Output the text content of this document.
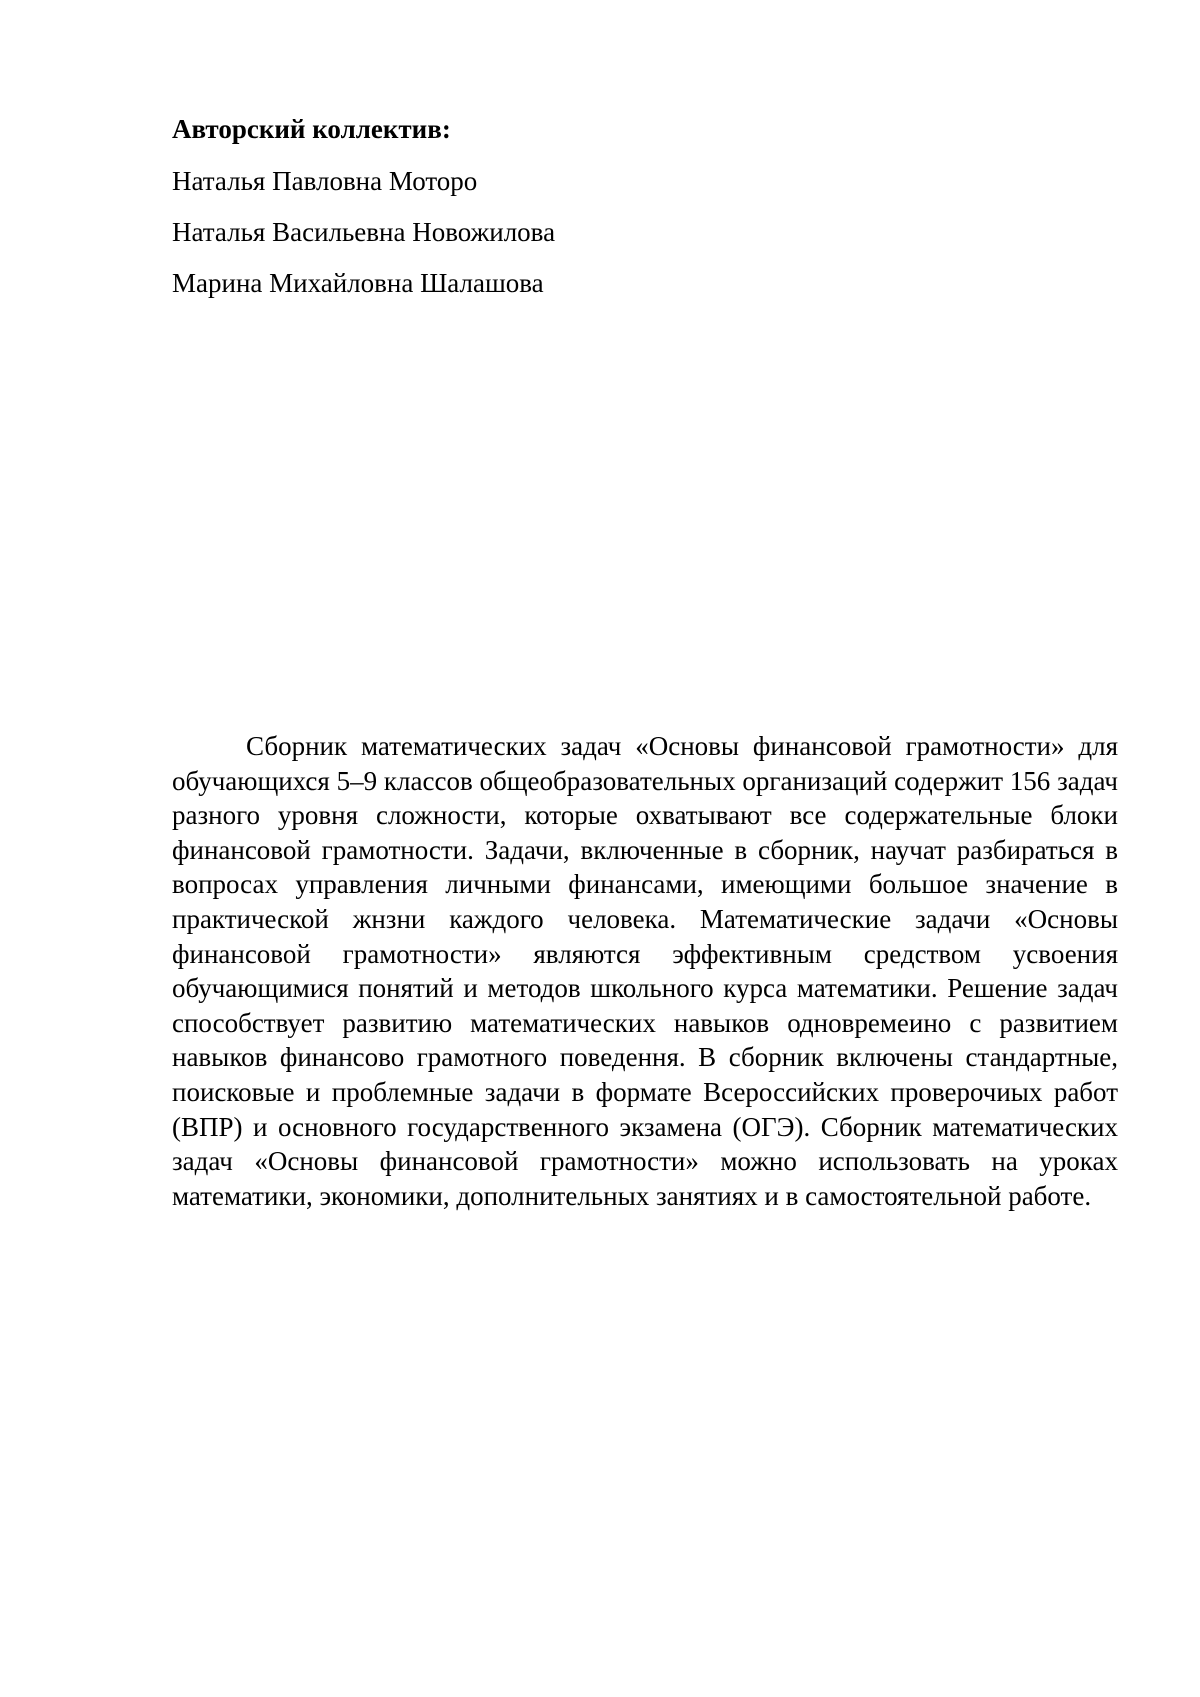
Авторский коллектив:

Наталья Павловна Моторо

Наталья Васильевна Новожилова

Марина Михайловна Шалашова

Сборник математических задач «Основы финансовой грамотности» для обучающихся 5–9 классов общеобразовательных организаций содержит 156 задач разного уровня сложности, которые охватывают все содержательные блоки финансовой грамотности. Задачи, включенные в сборник, научат разбираться в вопросах управления личными финансами, имеющими большое значение в практической жнзни каждого человека. Математические задачи «Основы финансовой грамотности» являются эффективным средством усвоения обучающимися понятий и методов школьного курса математики. Решение задач способствует развитию математических навыков одновремеино с развитием навыков финансово грамотного поведення. В сборник включены стандартные, поисковые и проблемные задачи в формате Всероссийских проверочиых работ (ВПР) и основного государственного экзамена (ОГЭ). Сборник математических задач «Основы финансовой грамотности» можно использовать на уроках математики, экономики, дополнительных занятиях и в самостоятельной работе.
